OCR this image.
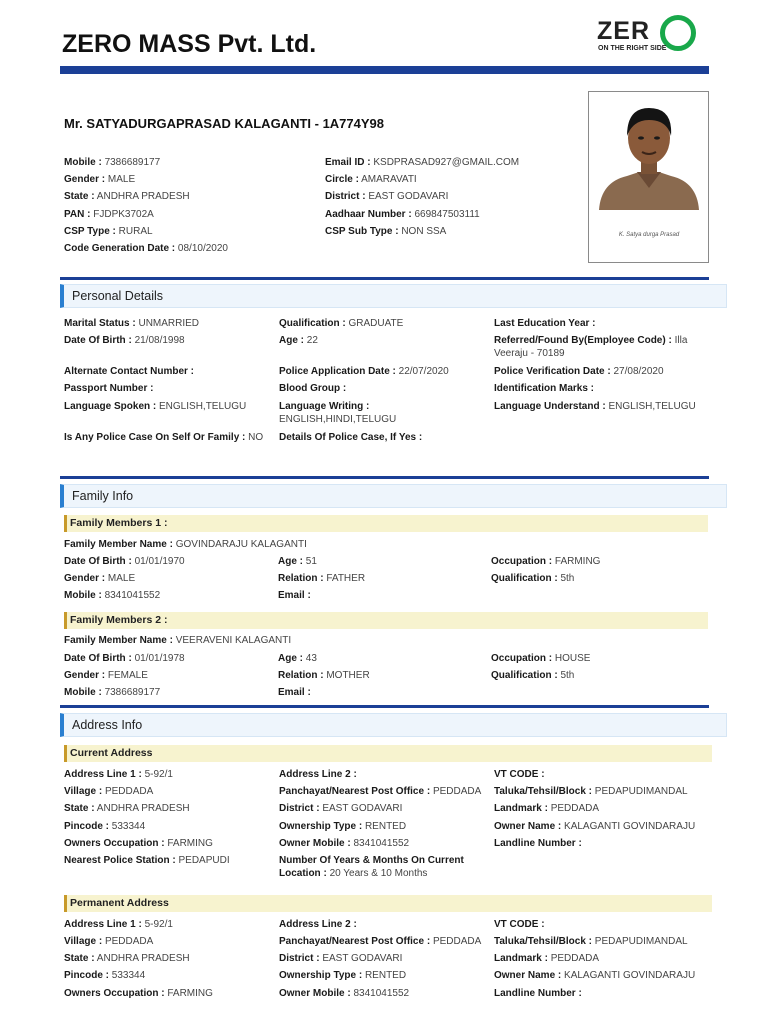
ZERO MASS Pvt. Ltd.	ZER
ON THE RIGHT SIDE
Mr. SATYADURGAPRASAD KALAGANTI - 1A774Y98
K. Satya durga Prasad
Mobile : 7386689177
Gender : MALE
State : ANDHRA PRADESH
PAN : FJDPK3702A
CSP Type : RURAL
Code Generation Date : 08/10/2020
Email ID : KSDPRASAD927@GMAIL.COM
Circle : AMARAVATI
District : EAST GODAVARI
Aadhaar Number : 669847503111
CSP Sub Type : NON SSA
Personal Details
Marital Status : UNMARRIED
Date Of Birth : 21/08/1998
Alternate Contact Number :
Passport Number :
Language Spoken : ENGLISH,TELUGU
Is Any Police Case On Self Or Family : NO
Qualification : GRADUATE
Age : 22
Police Application Date : 22/07/2020
Blood Group :
Language Writing : ENGLISH,HINDI,TELUGU
Details Of Police Case, If Yes :
Last Education Year :
Referred/Found By(Employee Code) : Illa Veeraju - 70189
Police Verification Date : 27/08/2020
Identification Marks :
Language Understand : ENGLISH,TELUGU
Family Info
Family Members 1 :
Family Member Name : GOVINDARAJU KALAGANTI
Date Of Birth : 01/01/1970
Gender : MALE
Mobile : 8341041552
Age : 51
Relation : FATHER
Email :
Occupation : FARMING
Qualification : 5th
Family Members 2 :
Family Member Name : VEERAVENI KALAGANTI
Date Of Birth : 01/01/1978
Gender : FEMALE
Mobile : 7386689177
Age : 43
Relation : MOTHER
Email :
Occupation : HOUSE
Qualification : 5th
Address Info
Current Address
Address Line 1 : 5-92/1
Village : PEDDADA
State : ANDHRA PRADESH
Pincode : 533344
Owners Occupation : FARMING
Nearest Police Station : PEDAPUDI
Address Line 2 :
Panchayat/Nearest Post Office : PEDDADA
District : EAST GODAVARI
Ownership Type : RENTED
Owner Mobile : 8341041552
Number Of Years & Months On Current Location : 20 Years & 10 Months
VT CODE :
Taluka/Tehsil/Block : PEDAPUDIMANDAL
Landmark : PEDDADA
Owner Name : KALAGANTI GOVINDARAJU
Landline Number :
Permanent Address
Address Line 1 : 5-92/1
Village : PEDDADA
State : ANDHRA PRADESH
Pincode : 533344
Owners Occupation : FARMING
Address Line 2 :
Panchayat/Nearest Post Office : PEDDADA
District : EAST GODAVARI
Ownership Type : RENTED
Owner Mobile : 8341041552
VT CODE :
Taluka/Tehsil/Block : PEDAPUDIMANDAL
Landmark : PEDDADA
Owner Name : KALAGANTI GOVINDARAJU
Landline Number :
